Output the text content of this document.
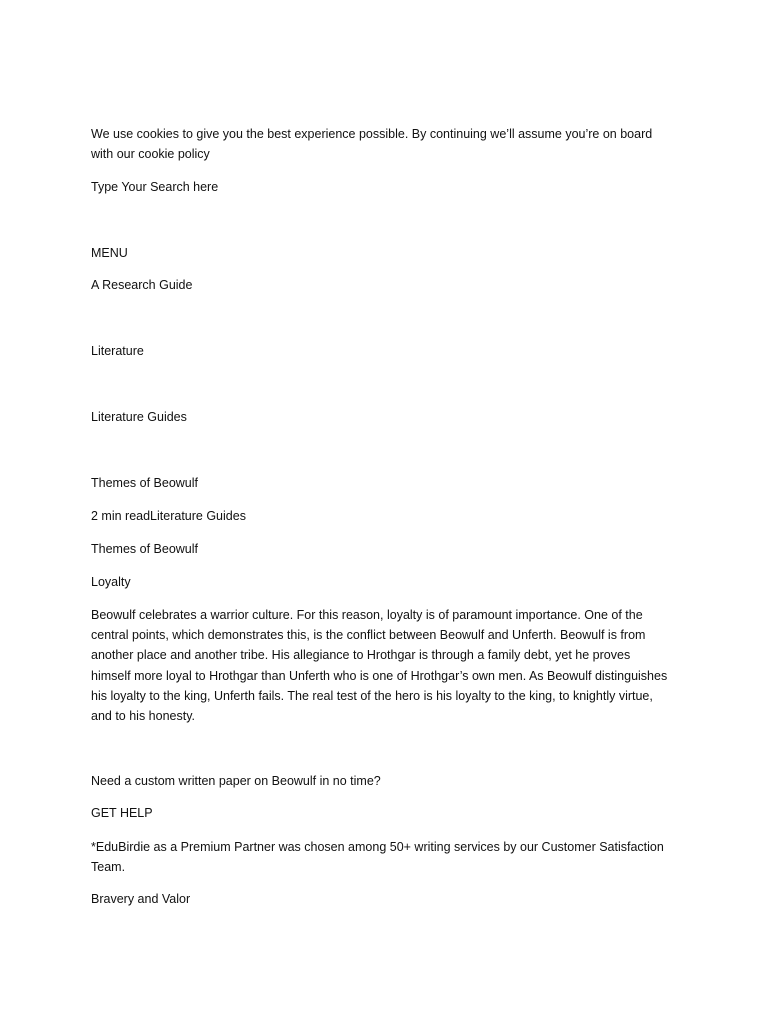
We use cookies to give you the best experience possible. By continuing we’ll assume you’re on board with our cookie policy

Type Your Search here
MENU
A Research Guide
Literature
Literature Guides
Themes of Beowulf
2 min readLiterature Guides
Themes of Beowulf
Loyalty

Beowulf celebrates a warrior culture. For this reason, loyalty is of paramount importance. One of the central points, which demonstrates this, is the conflict between Beowulf and Unferth. Beowulf is from another place and another tribe. His allegiance to Hrothgar is through a family debt, yet he proves himself more loyal to Hrothgar than Unferth who is one of Hrothgar’s own men. As Beowulf distinguishes his loyalty to the king, Unferth fails. The real test of the hero is his loyalty to the king, to knightly virtue, and to his honesty.

Need a custom written paper on Beowulf in no time?
GET HELP

*EduBirdie as a Premium Partner was chosen among 50+ writing services by our Customer Satisfaction Team.

Bravery and Valor
